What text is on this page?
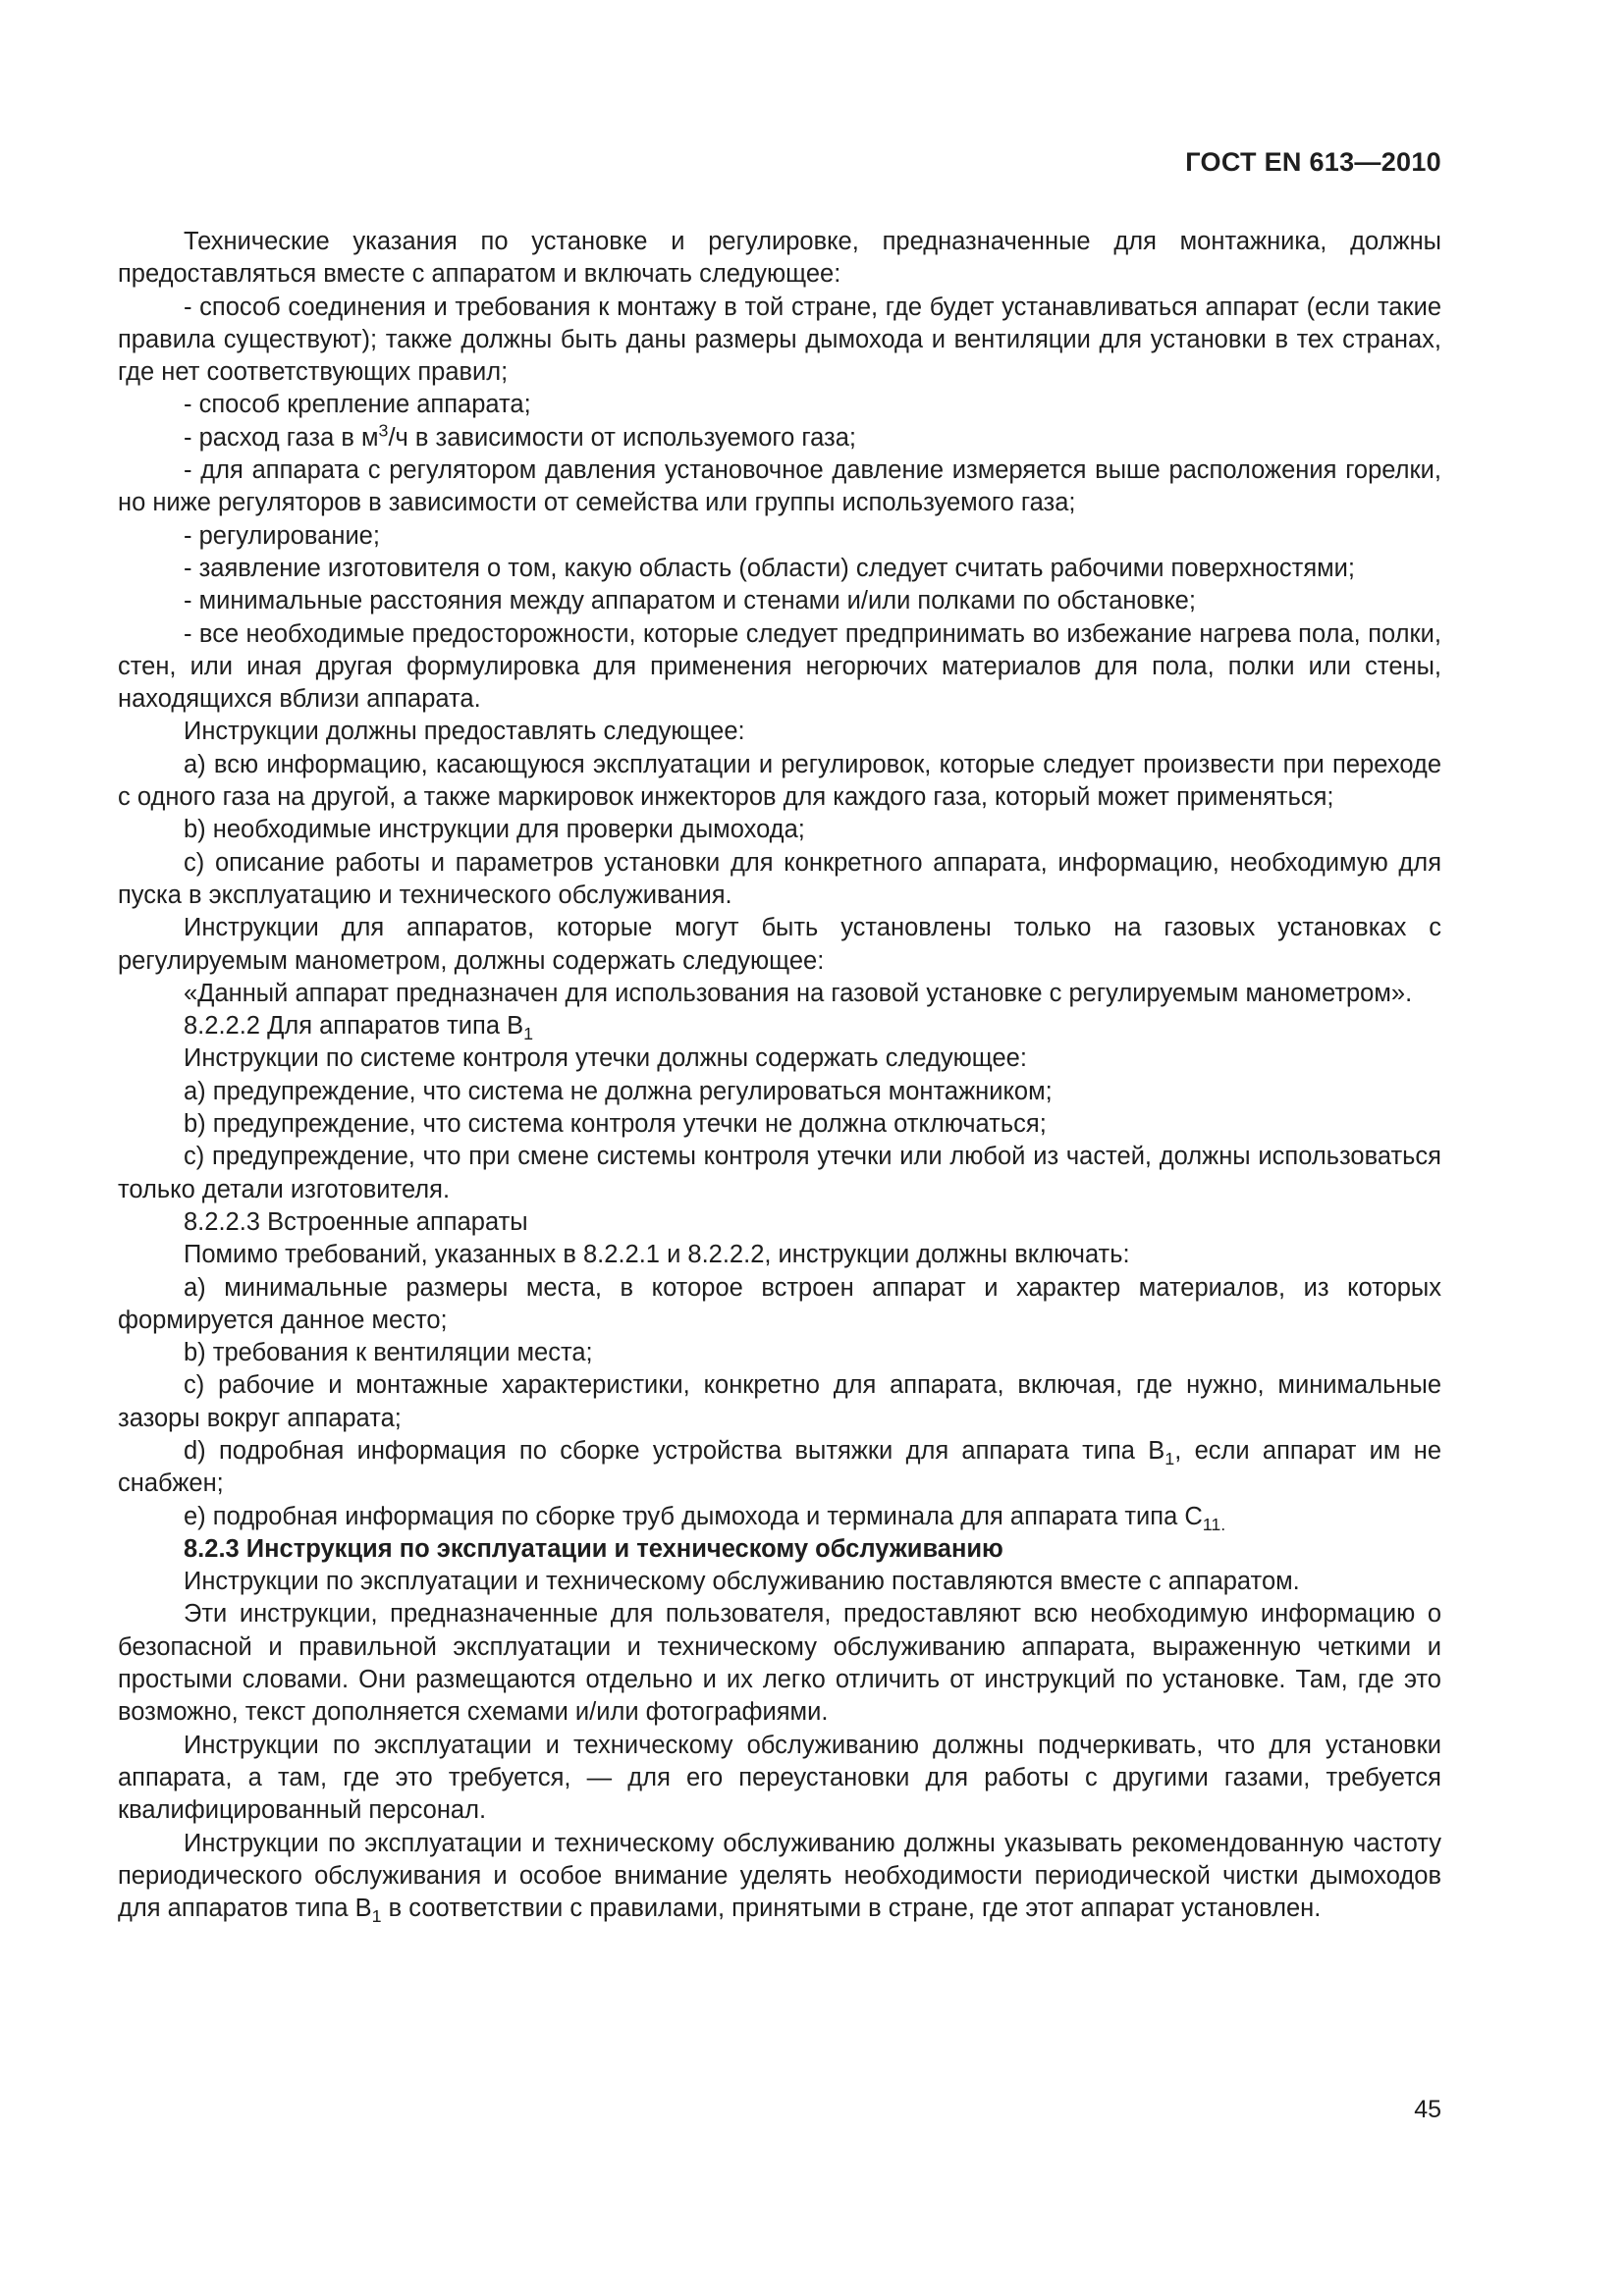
ГОСТ EN 613—2010

Технические указания по установке и регулировке, предназначенные для монтажника, должны предоставляться вместе с аппаратом и включать следующее:

- способ соединения и требования к монтажу в той стране, где будет устанавливаться аппарат (если такие правила существуют); также должны быть даны размеры дымохода и вентиляции для установки в тех странах, где нет соответствующих правил;

- способ крепление аппарата;

- расход газа в $м^3/ч$ в зависимости от используемого газа;

- для аппарата с регулятором давления установочное давление измеряется выше расположения горелки, но ниже регуляторов в зависимости от семейства или группы используемого газа;

- регулирование;

- заявление изготовителя о том, какую область (области) следует считать рабочими поверхностями;

- минимальные расстояния между аппаратом и стенами и/или полками по обстановке;

- все необходимые предосторожности, которые следует предпринимать во избежание нагрева пола, полки, стен, или иная другая формулировка для применения негорючих материалов для пола, полки или стены, находящихся вблизи аппарата.

Инструкции должны предоставлять следующее:

а) всю информацию, касающуюся эксплуатации и регулировок, которые следует произвести при переходе с одного газа на другой, а также маркировок инжекторов для каждого газа, который может применяться;

b) необходимые инструкции для проверки дымохода;

с) описание работы и параметров установки для конкретного аппарата, информацию, необходимую для пуска в эксплуатацию и технического обслуживания.

Инструкции для аппаратов, которые могут быть установлены только на газовых установках с регулируемым манометром, должны содержать следующее:

«Данный аппарат предназначен для использования на газовой установке с регулируемым манометром».

8.2.2.2 Для аппаратов типа $В_1$

Инструкции по системе контроля утечки должны содержать следующее:

а) предупреждение, что система не должна регулироваться монтажником;

b) предупреждение, что система контроля утечки не должна отключаться;

с) предупреждение, что при смене системы контроля утечки или любой из частей, должны использоваться только детали изготовителя.

8.2.2.3 Встроенные аппараты

Помимо требований, указанных в 8.2.2.1 и 8.2.2.2, инструкции должны включать:

а) минимальные размеры места, в которое встроен аппарат и характер материалов, из которых формируется данное место;

b) требования к вентиляции места;

с) рабочие и монтажные характеристики, конкретно для аппарата, включая, где нужно, минимальные зазоры вокруг аппарата;

d) подробная информация по сборке устройства вытяжки для аппарата типа $В_1$, если аппарат им не снабжен;

е) подробная информация по сборке труб дымохода и терминала для аппарата типа $С_{11.}$

8.2.3 Инструкция по эксплуатации и техническому обслуживанию

Инструкции по эксплуатации и техническому обслуживанию поставляются вместе с аппаратом.

Эти инструкции, предназначенные для пользователя, предоставляют всю необходимую информацию о безопасной и правильной эксплуатации и техническому обслуживанию аппарата, выраженную четкими и простыми словами. Они размещаются отдельно и их легко отличить от инструкций по установке. Там, где это возможно, текст дополняется схемами и/или фотографиями.

Инструкции по эксплуатации и техническому обслуживанию должны подчеркивать, что для установки аппарата, а там, где это требуется, — для его переустановки для работы с другими газами, требуется квалифицированный персонал.

Инструкции по эксплуатации и техническому обслуживанию должны указывать рекомендованную частоту периодического обслуживания и особое внимание уделять необходимости периодической чистки дымоходов для аппаратов типа $В_1$ в соответствии с правилами, принятыми в стране, где этот аппарат установлен.

45
